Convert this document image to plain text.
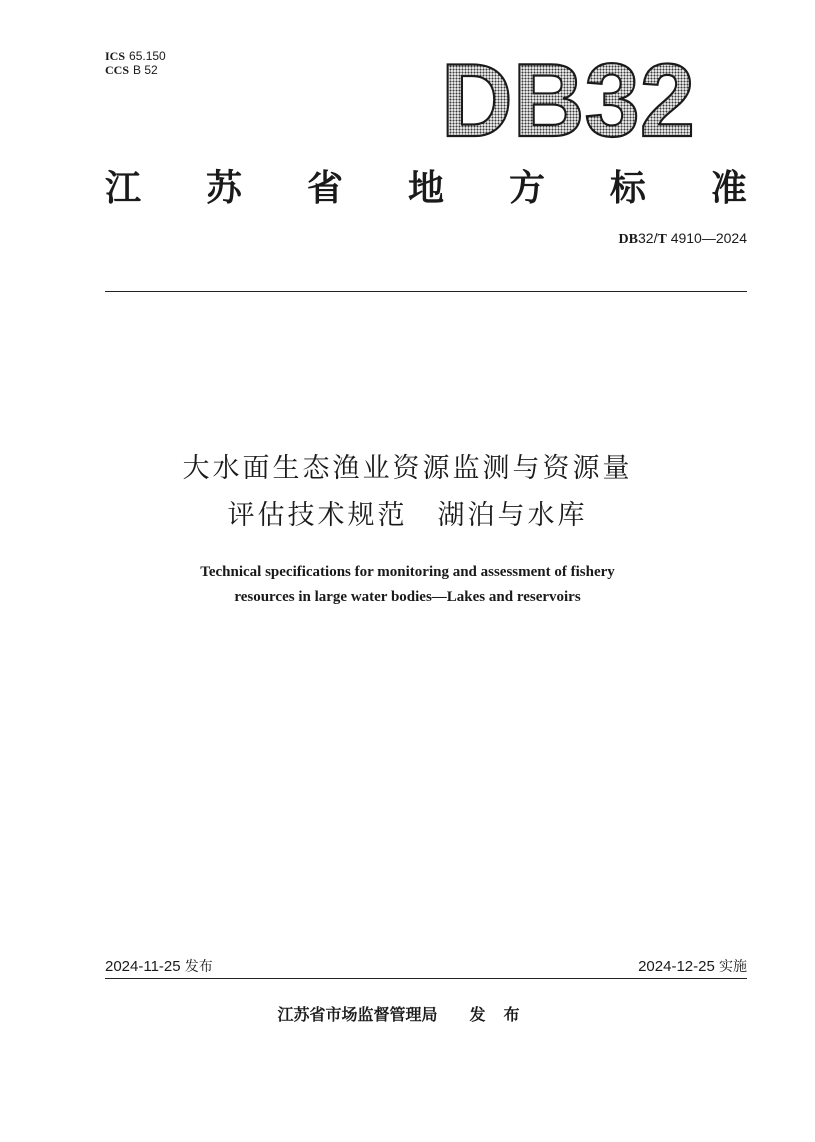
ICS 65.150
CCS B 52	DB32
江 苏 省 地 方 标 准
DB32/T 4910—2024
大水面生态渔业资源监测与资源量
评估技术规范　湖泊与水库
Technical specifications for monitoring and assessment of fishery
resources in large water bodies—Lakes and reservoirs
2024-11-25 发布	2024-12-25 实施
江苏省市场监督管理局 发布
